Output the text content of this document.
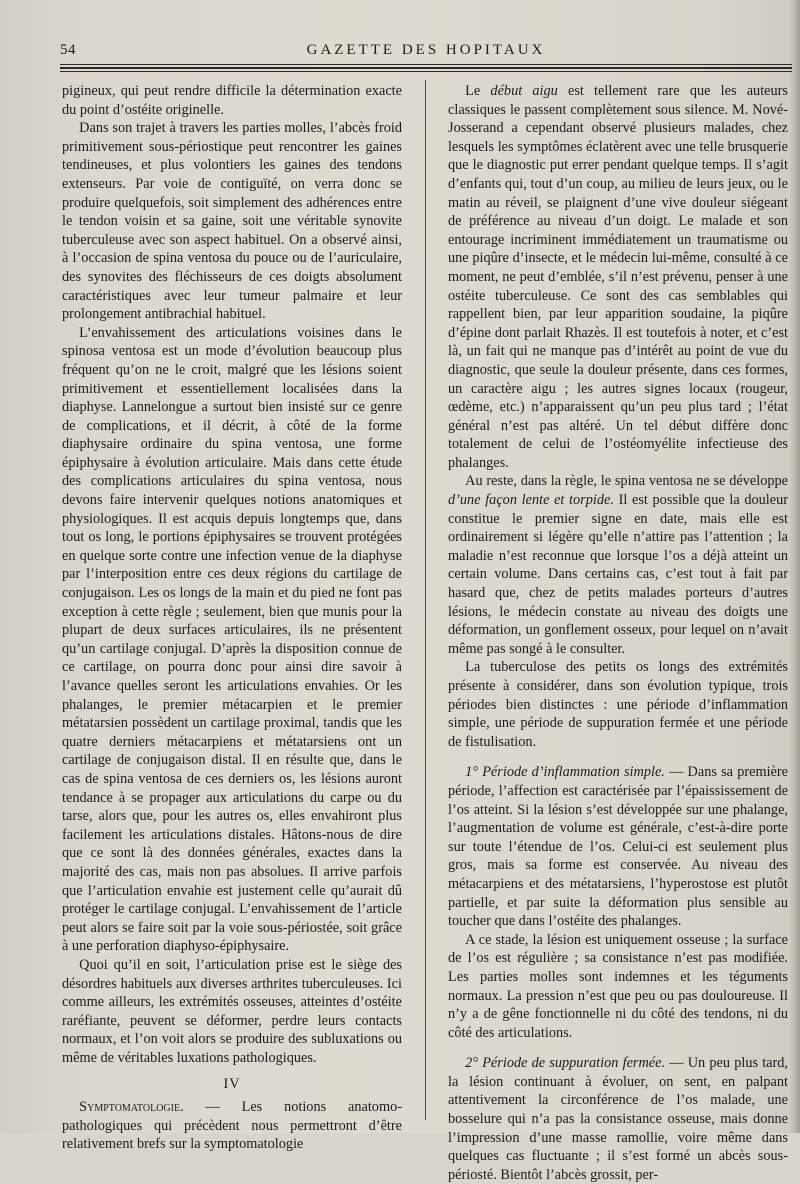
54	GAZETTE DES HOPITAUX

pigineux, qui peut rendre difficile la détermination exacte du point d’ostéite originelle.

Dans son trajet à travers les parties molles, l’abcès froid primitivement sous-périostique peut rencontrer les gaines tendineuses, et plus volontiers les gaines des tendons extenseurs. Par voie de contiguïté, on verra donc se produire quelquefois, soit simplement des adhérences entre le tendon voisin et sa gaine, soit une véritable synovite tuberculeuse avec son aspect habituel. On a observé ainsi, à l’occasion de spina ventosa du pouce ou de l’auriculaire, des synovites des fléchisseurs de ces doigts absolument caractéristiques avec leur tumeur palmaire et leur prolongement antibrachial habituel.

L’envahissement des articulations voisines dans le spinosa ventosa est un mode d’évolution beaucoup plus fréquent qu’on ne le croit, malgré que les lésions soient primitivement et essentiellement localisées dans la diaphyse. Lannelongue a surtout bien insisté sur ce genre de complications, et il décrit, à côté de la forme diaphysaire ordinaire du spina ventosa, une forme épiphysaire à évolution articulaire. Mais dans cette étude des complications articulaires du spina ventosa, nous devons faire intervenir quelques notions anatomiques et physiologiques. Il est acquis depuis longtemps que, dans tout os long, le portions épiphysaires se trouvent protégées en quelque sorte contre une infection venue de la diaphyse par l’interposition entre ces deux régions du cartilage de conjugaison. Les os longs de la main et du pied ne font pas exception à cette règle ; seulement, bien que munis pour la plupart de deux surfaces articulaires, ils ne présentent qu’un cartilage conjugal. D’après la disposition connue de ce cartilage, on pourra donc pour ainsi dire savoir à l’avance quelles seront les articulations envahies. Or les phalanges, le premier métacarpien et le premier métatarsien possèdent un cartilage proximal, tandis que les quatre derniers métacarpiens et métatarsiens ont un cartilage de conjugaison distal. Il en résulte que, dans le cas de spina ventosa de ces derniers os, les lésions auront tendance à se propager aux articulations du carpe ou du tarse, alors que, pour les autres os, elles envahiront plus facilement les articulations distales. Hâtons-nous de dire que ce sont là des données générales, exactes dans la majorité des cas, mais non pas absolues. Il arrive parfois que l’articulation envahie est justement celle qu’aurait dû protéger le cartilage conjugal. L’envahissement de l’article peut alors se faire soit par la voie sous-périostée, soit grâce à une perforation diaphyso-épiphysaire.

Quoi qu’il en soit, l’articulation prise est le siège des désordres habituels aux diverses arthrites tuberculeuses. Ici comme ailleurs, les extrémités osseuses, atteintes d’ostéite raréfiante, peuvent se déformer, perdre leurs contacts normaux, et l’on voit alors se produire des subluxations ou même de véritables luxations pathologiques.

IV

Symptomatologie. — Les notions anatomo-pathologiques qui précèdent nous permettront d’être relativement brefs sur la symptomatologie

Le début aigu est tellement rare que les auteurs classiques le passent complètement sous silence. M. Nové-Josserand a cependant observé plusieurs malades, chez lesquels les symptômes éclatèrent avec une telle brusquerie que le diagnostic put errer pendant quelque temps. Il s’agit d’enfants qui, tout d’un coup, au milieu de leurs jeux, ou le matin au réveil, se plaignent d’une vive douleur siégeant de préférence au niveau d’un doigt. Le malade et son entourage incriminent immédiatement un traumatisme ou une piqûre d’insecte, et le médecin lui-même, consulté à ce moment, ne peut d’emblée, s’il n’est prévenu, penser à une ostéite tuberculeuse. Ce sont des cas semblables qui rappellent bien, par leur apparition soudaine, la piqûre d’épine dont parlait Rhazès. Il est toutefois à noter, et c’est là, un fait qui ne manque pas d’intérêt au point de vue du diagnostic, que seule la douleur présente, dans ces formes, un caractère aigu ; les autres signes locaux (rougeur, œdème, etc.) n’apparaissent qu’un peu plus tard ; l’état général n’est pas altéré. Un tel début diffère donc totalement de celui de l’ostéomyélite infectieuse des phalanges.

Au reste, dans la règle, le spina ventosa ne se développe d’une façon lente et torpide. Il est possible que la douleur constitue le premier signe en date, mais elle est ordinairement si légère qu’elle n’attire pas l’attention ; la maladie n’est reconnue que lorsque l’os a déjà atteint un certain volume. Dans certains cas, c’est tout à fait par hasard que, chez de petits malades porteurs d’autres lésions, le médecin constate au niveau des doigts une déformation, un gonflement osseux, pour lequel on n’avait même pas songé à le consulter.

La tuberculose des petits os longs des extrémités présente à considérer, dans son évolution typique, trois périodes bien distinctes : une période d’inflammation simple, une période de suppuration fermée et une période de fistulisation.

1° Période d’inflammation simple. — Dans sa première période, l’affection est caractérisée par l’épaississement de l’os atteint. Si la lésion s’est développée sur une phalange, l’augmentation de volume est générale, c’est-à-dire porte sur toute l’étendue de l’os. Celui-ci est seulement plus gros, mais sa forme est conservée. Au niveau des métacarpiens et des métatarsiens, l’hyperostose est plutôt partielle, et par suite la déformation plus sensible au toucher que dans l’ostéite des phalanges.

A ce stade, la lésion est uniquement osseuse ; la surface de l’os est régulière ; sa consistance n’est pas modifiée. Les parties molles sont indemnes et les téguments normaux. La pression n’est que peu ou pas douloureuse. Il n’y a de gêne fonctionnelle ni du côté des tendons, ni du côté des articulations.

2° Période de suppuration fermée. — Un peu plus tard, la lésion continuant à évoluer, on sent, en palpant attentivement la circonférence de l’os malade, une bosselure qui n’a pas la consistance osseuse, mais donne l’impression d’une masse ramollie, voire même dans quelques cas fluctuante ; il s’est formé un abcès sous-périosté. Bientôt l’abcès grossit, per-
